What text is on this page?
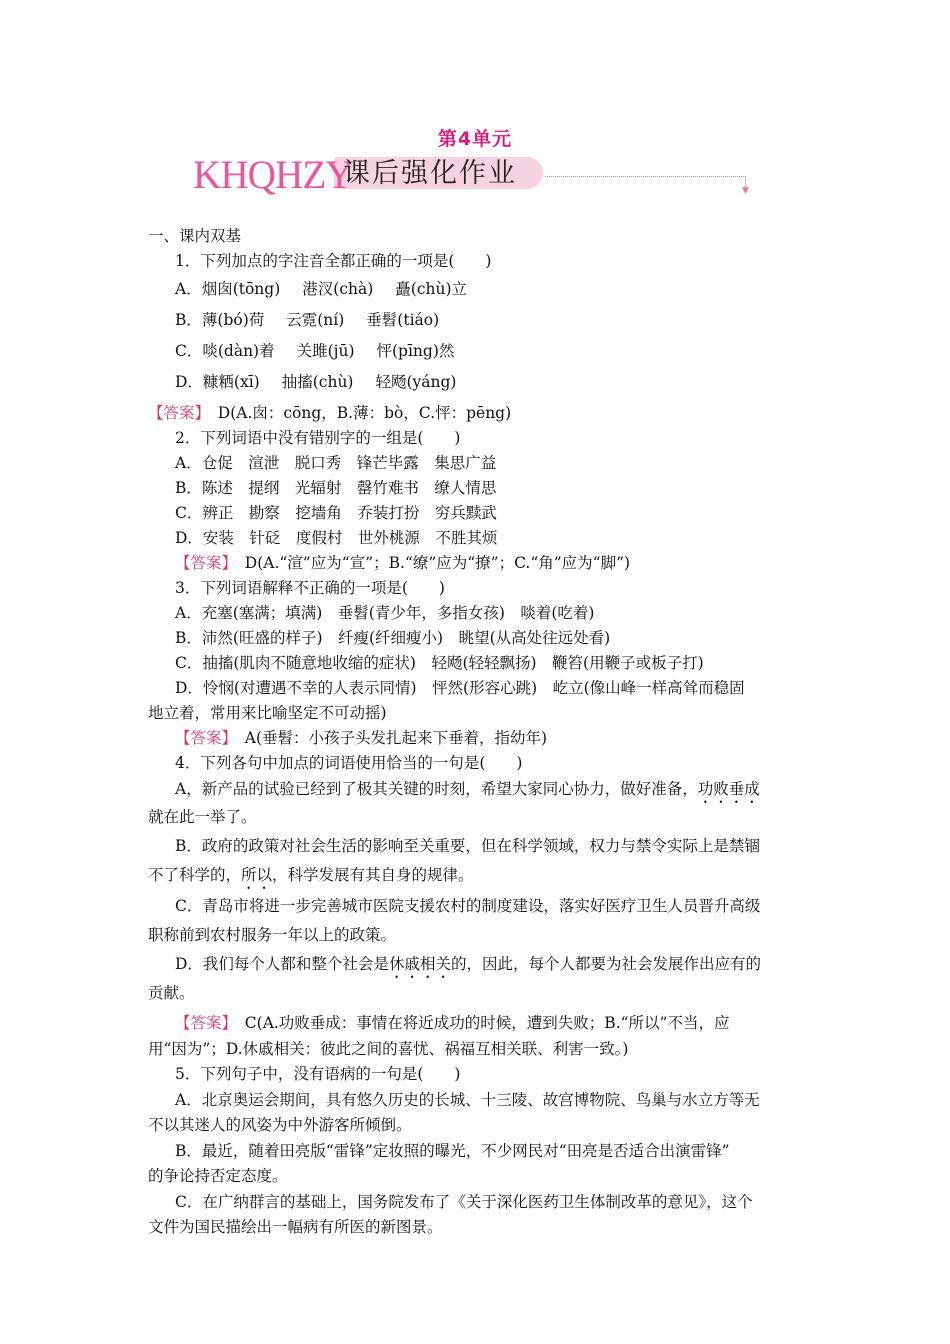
第4单元
KHQHZY
课后强化作业
▼
一、课内双基
1．下列加点的字注音全都正确的一项是(　　)
A．烟囱(tōng) 港汊(chà) 矗(chù)立
B．薄(bó)荷 云霓(ní) 垂髫(tiáo)
C．啖(dàn)着 关雎(jū) 怦(pīng)然
D．糠粞(xī) 抽搐(chù) 轻飏(yáng)
【答案】　 D(A.囱：cōng，B.薄：bò，C.怦：pēng)
2．下列词语中没有错别字的一组是(　　)
A．仓促　渲泄　脱口秀　锋芒毕露　集思广益
B．陈述　提纲　光辐射　罄竹难书　缭人情思
C．辨正　勘察　挖墙角　乔装打扮　穷兵黩武
D．安装　针砭　度假村　世外桃源　不胜其烦
【答案】　 D(A.“渲”应为“宣”；B.“缭”应为“撩”；C.“角”应为“脚”)
3．下列词语解释不正确的一项是(　　)
A．充塞(塞满；填满)　垂髫(青少年，多指女孩)　啖着(吃着)
B．沛然(旺盛的样子)　纤瘦(纤细瘦小)　眺望(从高处往远处看)
C．抽搐(肌肉不随意地收缩的症状)　轻飏(轻轻飘扬)　鞭笞(用鞭子或板子打)
D．怜悯(对遭遇不幸的人表示同情)　怦然(形容心跳)　屹立(像山峰一样高耸而稳固
地立着，常用来比喻坚定不可动摇)
【答案】　 A(垂髫：小孩子头发扎起来下垂着，指幼年)
4．下列各句中加点的词语使用恰当的一句是(　　)
A，新产品的试验已经到了极其关键的时刻，希望大家同心协力，做好准备，功败垂成
就在此一举了。
B．政府的政策对社会生活的影响至关重要，但在科学领域，权力与禁令实际上是禁锢
不了科学的，所以，科学发展有其自身的规律。
C．青岛市将进一步完善城市医院支援农村的制度建设，落实好医疗卫生人员晋升高级
职称前到农村服务一年以上的政策。
D．我们每个人都和整个社会是休戚相关的，因此，每个人都要为社会发展作出应有的
贡献。
【答案】　 C(A.功败垂成：事情在将近成功的时候，遭到失败；B.“所以”不当，应
用“因为”；D.休戚相关：彼此之间的喜忧、祸福互相关联、利害一致。)
5．下列句子中，没有语病的一句是(　　)
A．北京奥运会期间，具有悠久历史的长城、十三陵、故宫博物院、鸟巢与水立方等无
不以其迷人的风姿为中外游客所倾倒。
B．最近，随着田亮版“雷锋”定妆照的曝光，不少网民对“田亮是否适合出演雷锋”
的争论持否定态度。
C．在广纳群言的基础上，国务院发布了《关于深化医药卫生体制改革的意见》，这个
文件为国民描绘出一幅病有所医的新图景。
